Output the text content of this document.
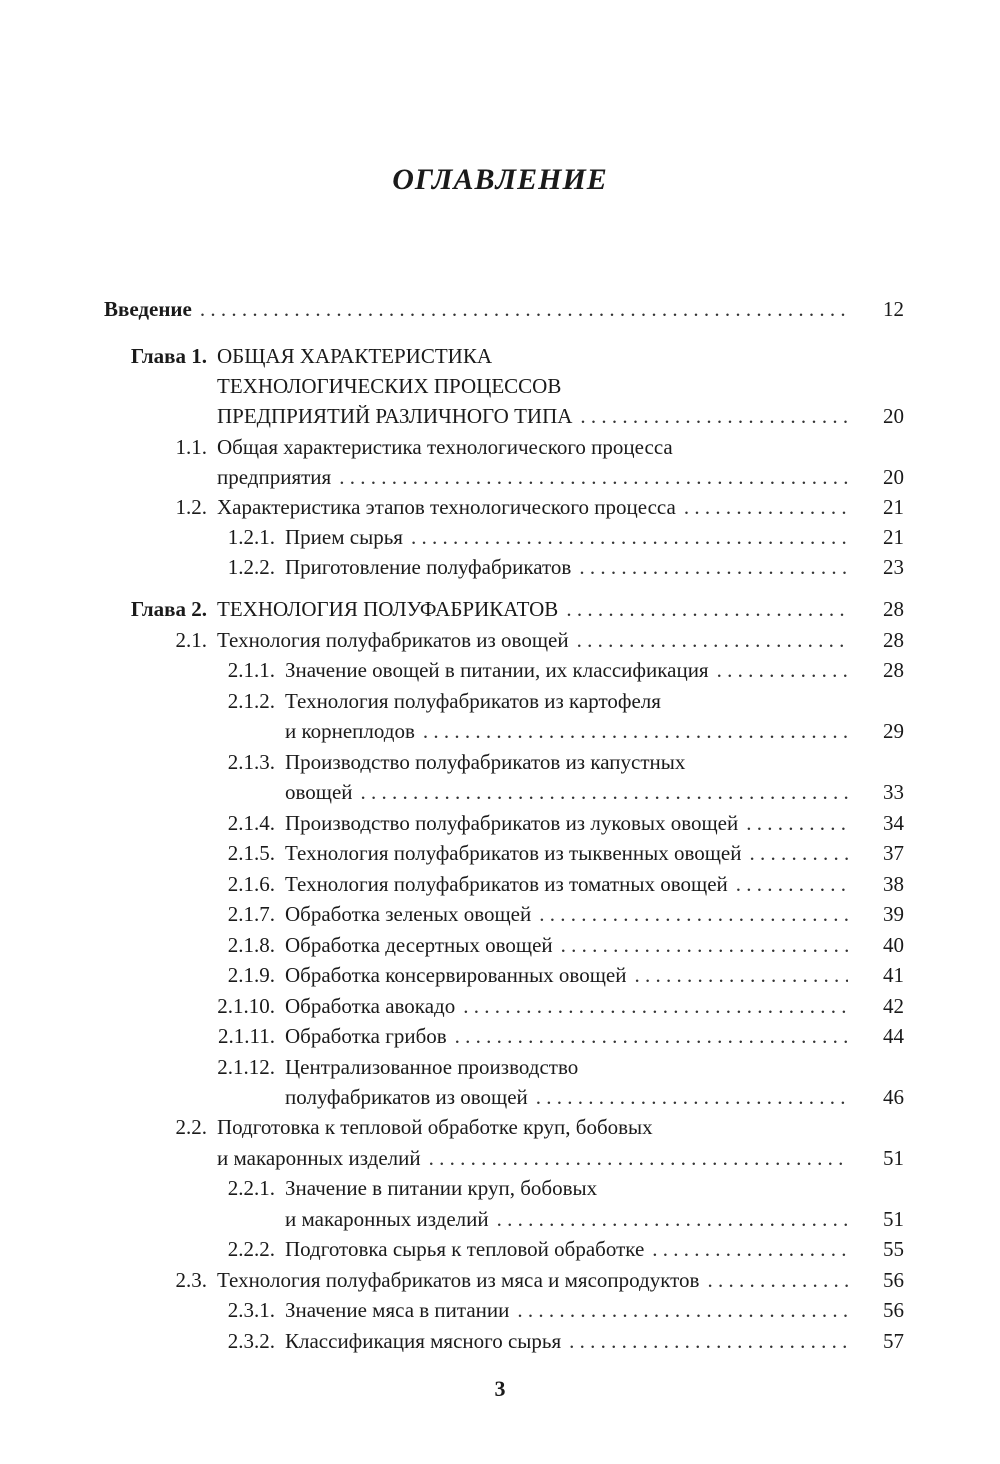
ОГЛАВЛЕНИЕ
Введение . . .	12
Глава 1. ОБЩАЯ ХАРАКТЕРИСТИКА
ТЕХНОЛОГИЧЕСКИХ ПРОЦЕССОВ
ПРЕДПРИЯТИЙ РАЗЛИЧНОГО ТИПА . . .	20
1.1. Общая характеристика технологического процесса
предприятия . . .	20
1.2. Характеристика этапов технологического процесса . . .	21
1.2.1. Прием сырья . . .	21
1.2.2. Приготовление полуфабрикатов . . .	23
Глава 2. ТЕХНОЛОГИЯ ПОЛУФАБРИКАТОВ . . .	28
2.1. Технология полуфабрикатов из овощей . . .	28
2.1.1. Значение овощей в питании, их классификация . . .	28
2.1.2. Технология полуфабрикатов из картофеля
и корнеплодов . . .	29
2.1.3. Производство полуфабрикатов из капустных
овощей . . .	33
2.1.4. Производство полуфабрикатов из луковых овощей . . .	34
2.1.5. Технология полуфабрикатов из тыквенных овощей . . .	37
2.1.6. Технология полуфабрикатов из томатных овощей . . .	38
2.1.7. Обработка зеленых овощей . . .	39
2.1.8. Обработка десертных овощей . . .	40
2.1.9. Обработка консервированных овощей . . .	41
2.1.10. Обработка авокадо . . .	42
2.1.11. Обработка грибов . . .	44
2.1.12. Централизованное производство
полуфабрикатов из овощей . . .	46
2.2. Подготовка к тепловой обработке круп, бобовых
и макаронных изделий . . .	51
2.2.1. Значение в питании круп, бобовых
и макаронных изделий . . .	51
2.2.2. Подготовка сырья к тепловой обработке . . .	55
2.3. Технология полуфабрикатов из мяса и мясопродуктов . . .	56
2.3.1. Значение мяса в питании . . .	56
2.3.2. Классификация мясного сырья . . .	57
3
